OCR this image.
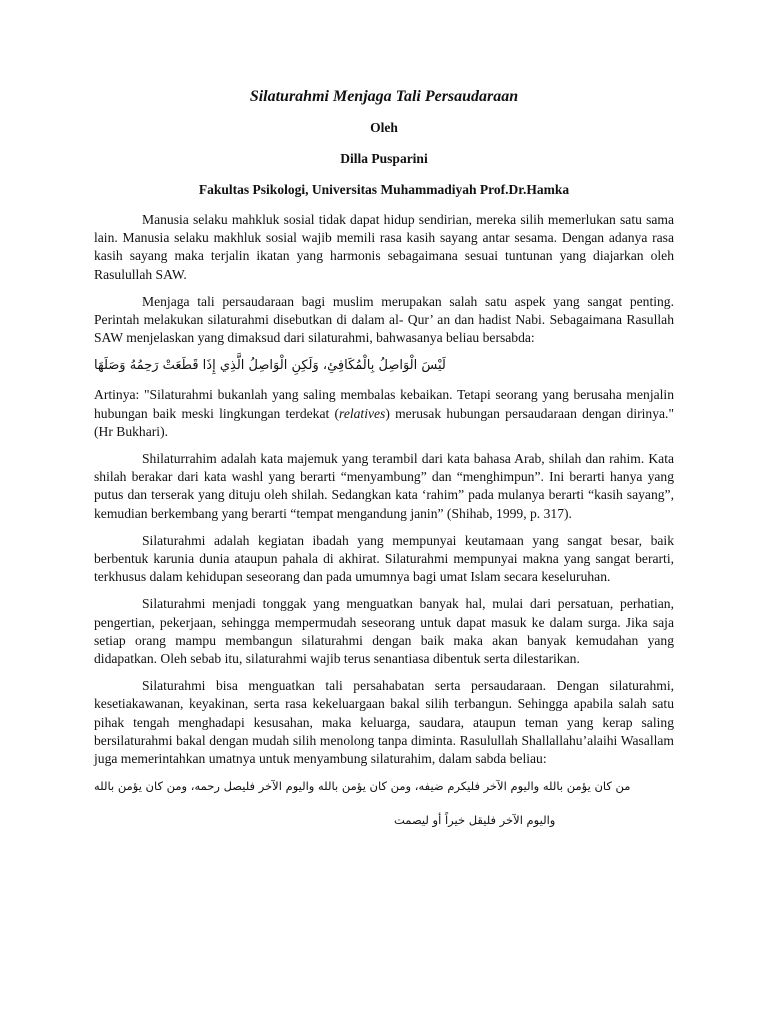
Silaturahmi Menjaga Tali Persaudaraan
Oleh
Dilla Pusparini
Fakultas Psikologi, Universitas Muhammadiyah Prof.Dr.Hamka

Manusia selaku mahkluk sosial tidak dapat hidup sendirian, mereka silih memerlukan satu sama lain. Manusia selaku makhluk sosial wajib memili rasa kasih sayang antar sesama. Dengan adanya rasa kasih sayang maka terjalin ikatan yang harmonis sebagaimana sesuai tuntunan yang diajarkan oleh Rasulullah SAW.

Menjaga tali persaudaraan bagi muslim merupakan salah satu aspek yang sangat penting. Perintah melakukan silaturahmi disebutkan di dalam al- Qur’ an dan hadist Nabi. Sebagaimana Rasullah SAW menjelaskan yang dimaksud dari silaturahmi, bahwasanya beliau bersabda:

لَيْسَ الْوَاصِلُ بِالْمُكَافِئِ، وَلَكِنِ الْوَاصِلُ الَّذِي إِذَا قَطَعَتْ رَحِمُهُ وَصَلَهَا

Artinya: "Silaturahmi bukanlah yang saling membalas kebaikan. Tetapi seorang yang berusaha menjalin hubungan baik meski lingkungan terdekat (relatives) merusak hubungan persaudaraan dengan dirinya." (Hr Bukhari).

Shilaturrahim adalah kata majemuk yang terambil dari kata bahasa Arab, shilah dan rahim. Kata shilah berakar dari kata washl yang berarti “menyambung” dan “menghimpun”. Ini berarti hanya yang putus dan terserak yang dituju oleh shilah. Sedangkan kata ‘rahim” pada mulanya berarti “kasih sayang”, kemudian berkembang yang berarti “tempat mengandung janin” (Shihab, 1999, p. 317).

Silaturahmi adalah kegiatan ibadah yang mempunyai keutamaan yang sangat besar, baik berbentuk karunia dunia ataupun pahala di akhirat. Silaturahmi mempunyai makna yang sangat berarti, terkhusus dalam kehidupan seseorang dan pada umumnya bagi umat Islam secara keseluruhan.

Silaturahmi menjadi tonggak yang menguatkan banyak hal, mulai dari persatuan, perhatian, pengertian, pekerjaan, sehingga mempermudah seseorang untuk dapat masuk ke dalam surga. Jika saja setiap orang mampu membangun silaturahmi dengan baik maka akan banyak kemudahan yang didapatkan. Oleh sebab itu, silaturahmi wajib terus senantiasa dibentuk serta dilestarikan.

Silaturahmi bisa menguatkan tali persahabatan serta persaudaraan. Dengan silaturahmi, kesetiakawanan, keyakinan, serta rasa kekeluargaan bakal silih terbangun. Sehingga apabila salah satu pihak tengah menghadapi kesusahan, maka keluarga, saudara, ataupun teman yang kerap saling bersilaturahmi bakal dengan mudah silih menolong tanpa diminta. Rasulullah Shallallahu’alaihi Wasallam juga memerintahkan umatnya untuk menyambung silaturahim, dalam sabda beliau:

من كان يؤمن بالله واليوم الآخر فليكرم ضيفه، ومن كان يؤمن بالله واليوم الآخر فليصل رحمه، ومن كان يؤمن بالله
واليوم الآخر فليقل خيراً أو ليصمت
